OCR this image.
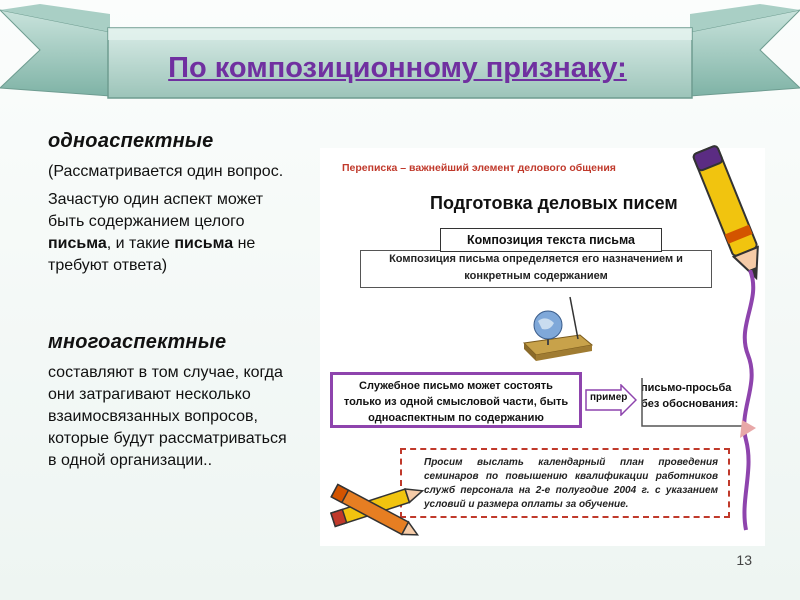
По композиционному признаку:

одноаспектные

(Рассматривается один вопрос.

Зачастую один аспект может быть содержанием целого письма, и такие письма не требуют ответа)

многоаспектные

составляют в том случае, когда они затрагивают несколько взаимосвязанных вопросов, которые будут рассматриваться в одной организации..

Переписка – важнейший элемент делового общения
Подготовка деловых писем
Композиция письма определяется его назначением и
конкретным содержанием
Композиция текста письма
Служебное письмо может состоять
только из одной смысловой части, быть
одноаспектным по содержанию
пример
письмо-просьба
без обоснования:
Просим выслать календарный план проведения семинаров по повышению квалификации работников служб персонала на 2-е полугодие 2004 г. с указанием условий и размера оплаты за обучение.
13
